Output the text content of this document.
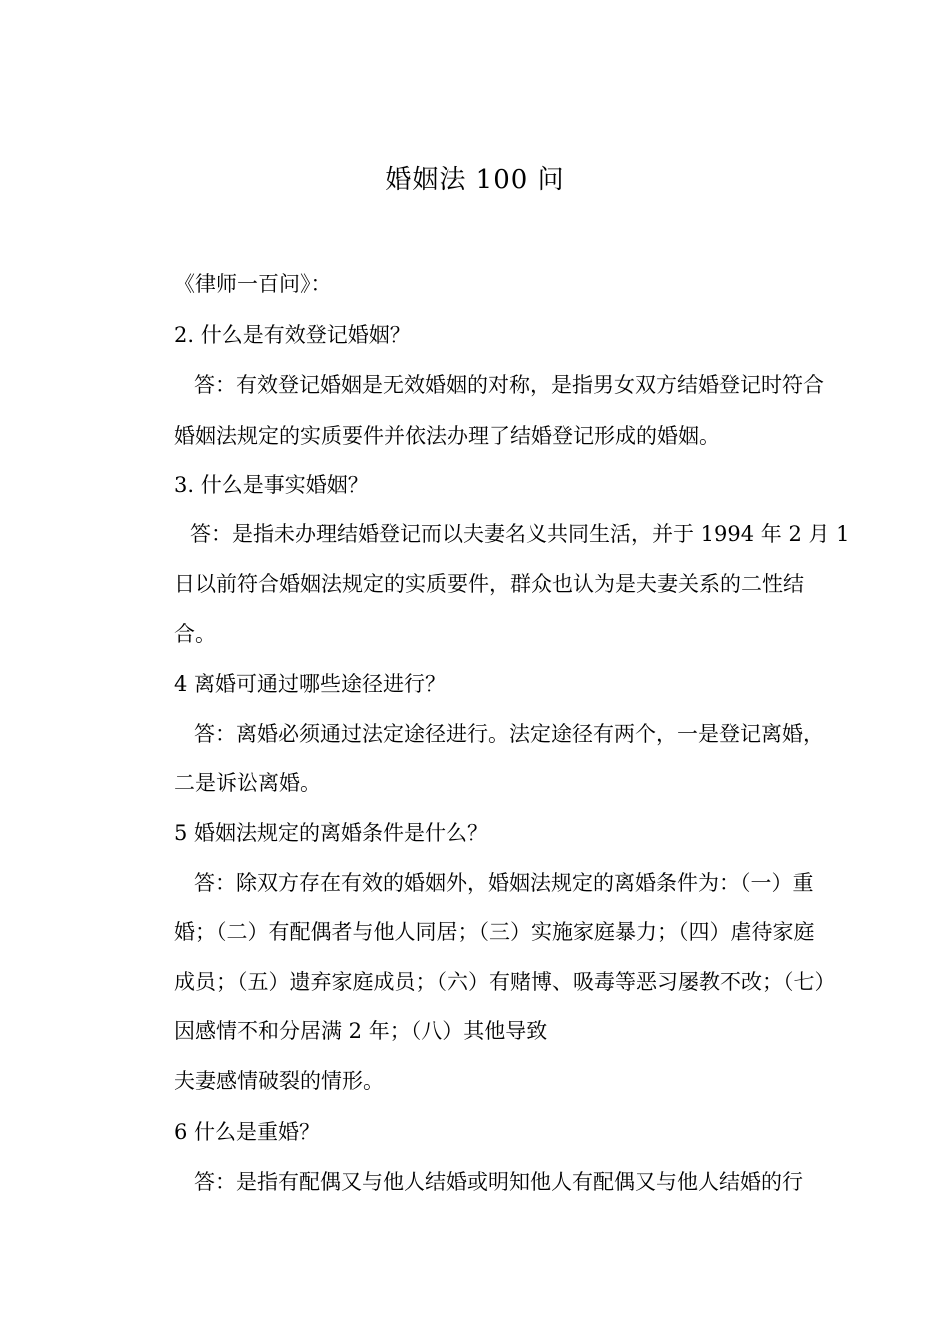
婚姻法 100 问
《律师一百问》：
2. 什么是有效登记婚姻？
答：有效登记婚姻是无效婚姻的对称，是指男女双方结婚登记时符合
婚姻法规定的实质要件并依法办理了结婚登记形成的婚姻。
3. 什么是事实婚姻？
答：是指未办理结婚登记而以夫妻名义共同生活，并于 1994 年 2 月 1
日以前符合婚姻法规定的实质要件，群众也认为是夫妻关系的二性结
合。
4 离婚可通过哪些途径进行？
答：离婚必须通过法定途径进行。法定途径有两个，一是登记离婚，
二是诉讼离婚。
5 婚姻法规定的离婚条件是什么？
答：除双方存在有效的婚姻外，婚姻法规定的离婚条件为：（一）重
婚；（二）有配偶者与他人同居；（三）实施家庭暴力；（四）虐待家庭
成员；（五）遗弃家庭成员；（六）有赌博、吸毒等恶习屡教不改；（七）
因感情不和分居满 2 年；（八）其他导致
夫妻感情破裂的情形。
6 什么是重婚？
答：是指有配偶又与他人结婚或明知他人有配偶又与他人结婚的行
